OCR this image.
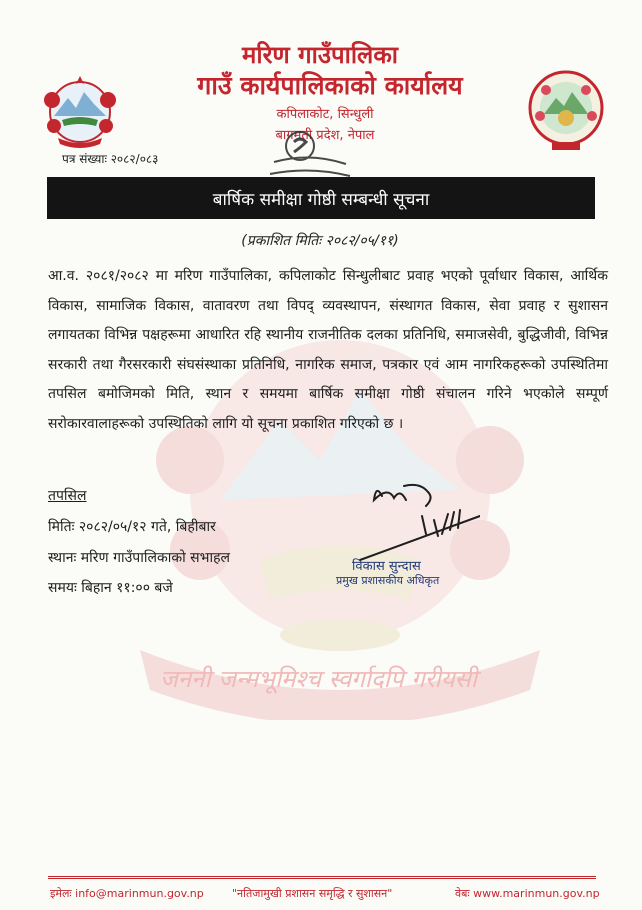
जननी जन्मभूमिश्च स्वर्गादपि गरीयसी
मरिण गाउँपालिका
गाउँ कार्यपालिकाको कार्यालय
कपिलाकोट, सिन्धुली
बागमती प्रदेश, नेपाल
पत्र संख्याः २०८२/०८३
बार्षिक समीक्षा गोष्ठी सम्बन्धी सूचना
(प्रकाशित मितिः २०८२/०५/११)
आ.व. २०८१/२०८२ मा मरिण गाउँपालिका, कपिलाकोट सिन्धुलीबाट प्रवाह भएको पूर्वाधार विकास, आर्थिक विकास, सामाजिक विकास, वातावरण तथा विपद् व्यवस्थापन, संस्थागत विकास, सेवा प्रवाह र सुशासन लगायतका विभिन्न पक्षहरूमा आधारित रहि स्थानीय राजनीतिक दलका प्रतिनिधि, समाजसेवी, बुद्धिजीवी, विभिन्न सरकारी तथा गैरसरकारी संघसंस्थाका प्रतिनिधि, नागरिक समाज, पत्रकार एवं आम नागरिकहरूको उपस्थितिमा तपसिल बमोजिमको मिति, स्थान र समयमा बार्षिक समीक्षा गोष्ठी संचालन गरिने भएकोले सम्पूर्ण सरोकारवालाहरूको उपस्थितिको लागि यो सूचना प्रकाशित गरिएको छ ।
तपसिल
मितिः २०८२/०५/१२ गते, बिहीबार
स्थानः मरिण गाउँपालिकाको सभाहल
समयः बिहान ११:०० बजे
विकास सुन्दास
प्रमुख प्रशासकीय अधिकृत
इमेलः info@marinmun.gov.np	"नतिजामुखी प्रशासन समृद्धि र सुशासन"	वेबः www.marinmun.gov.np
